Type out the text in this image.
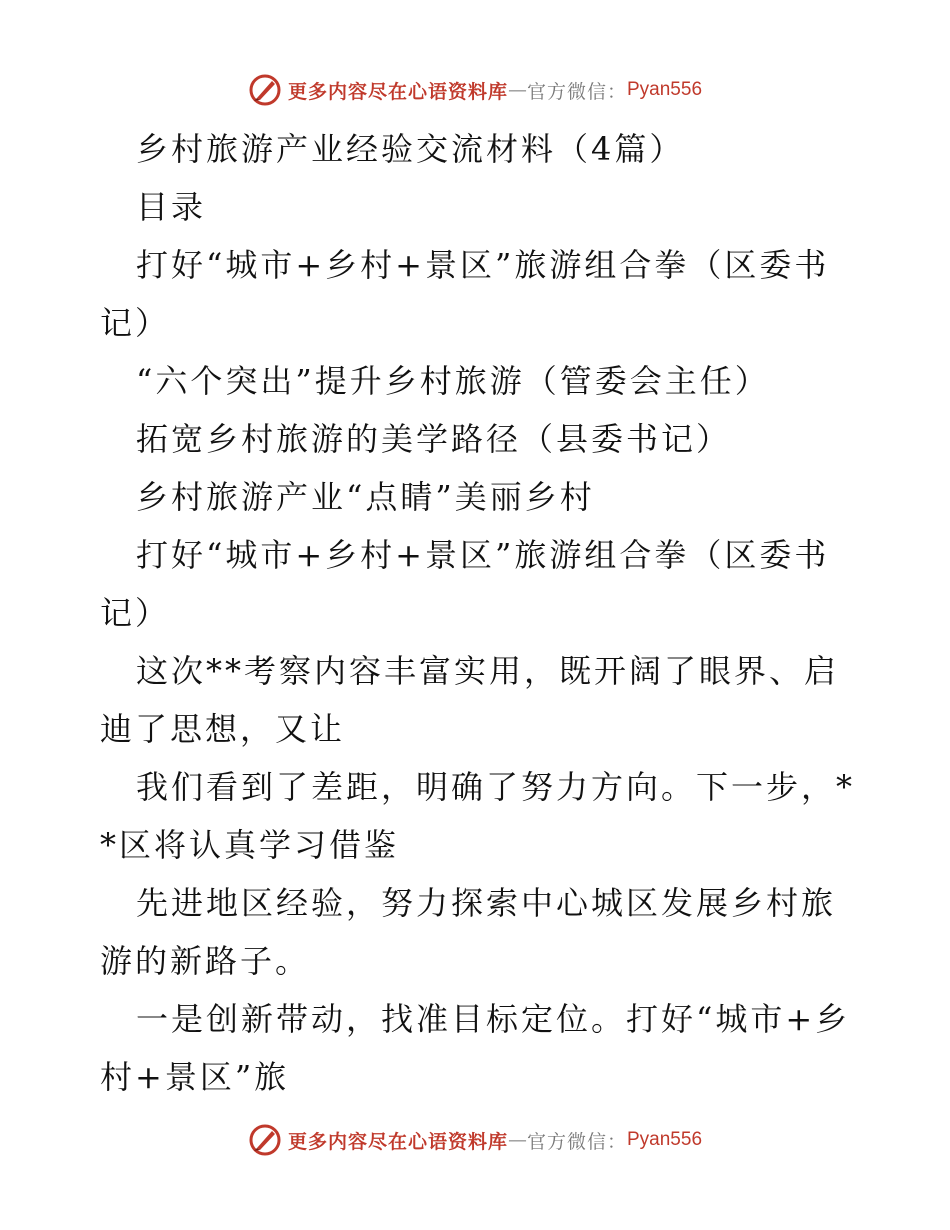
更多内容尽在心语资料库 — 官方微信： Pyan556

乡村旅游产业经验交流材料（4篇）

目录

打好“城市+乡村+景区”旅游组合拳（区委书记）

“六个突出”提升乡村旅游（管委会主任）

拓宽乡村旅游的美学路径（县委书记）

乡村旅游产业“点睛”美丽乡村

打好“城市+乡村+景区”旅游组合拳（区委书记）

这次**考察内容丰富实用，既开阔了眼界、启迪了思想，又让

我们看到了差距，明确了努力方向。下一步，**区将认真学习借鉴

先进地区经验，努力探索中心城区发展乡村旅游的新路子。

一是创新带动，找准目标定位。打好“城市+乡村+景区”旅

更多内容尽在心语资料库 — 官方微信： Pyan556
